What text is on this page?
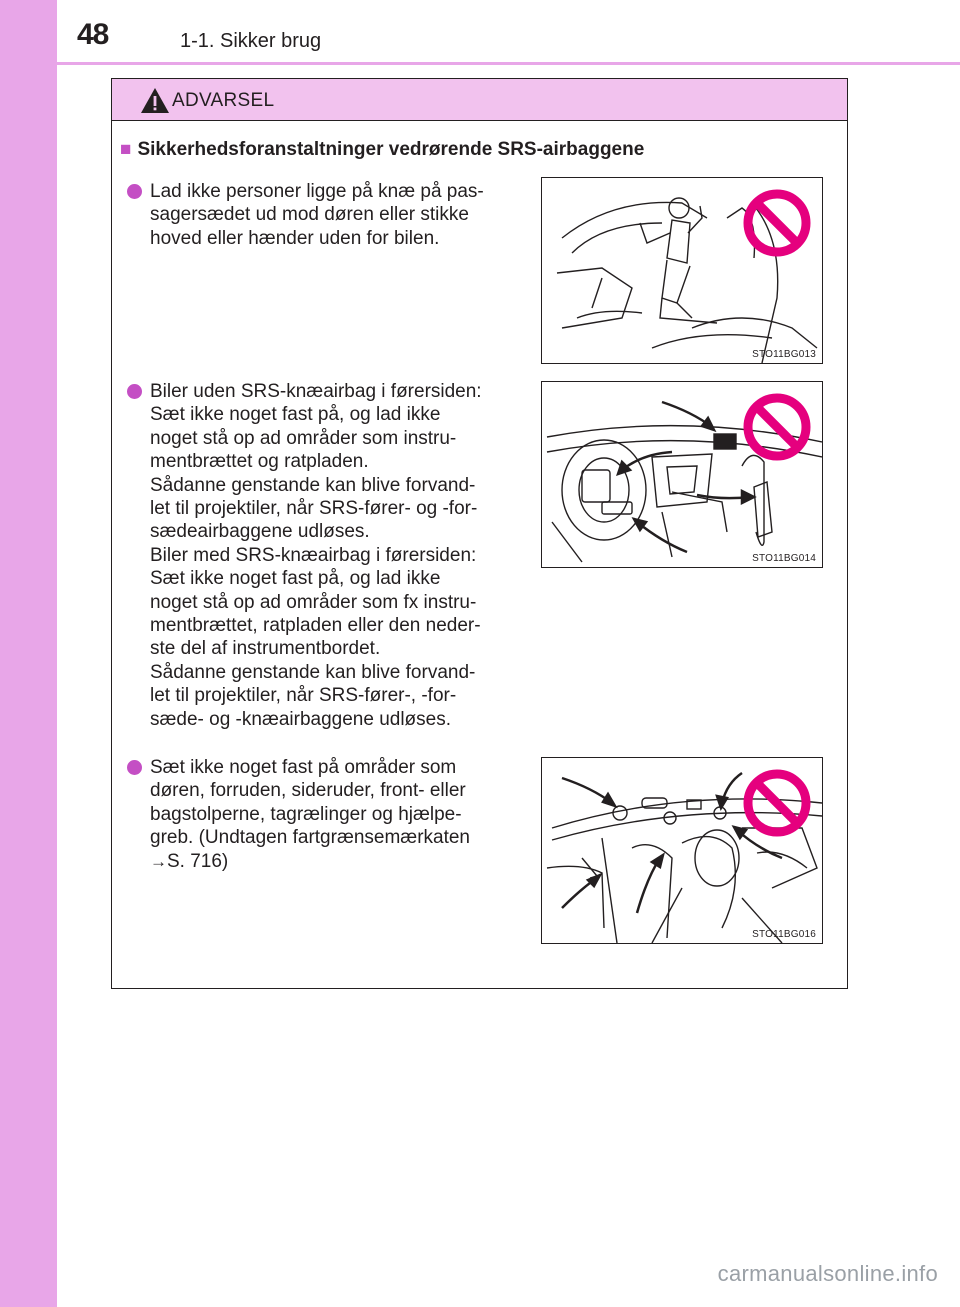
48	1-1. Sikker brug
ADVARSEL
■ Sikkerhedsforanstaltninger vedrørende SRS-airbaggene

Lad ikke personer ligge på knæ på pas-
sagersædet ud mod døren eller stikke
hoved eller hænder uden for bilen.

STO11BG013

Biler uden SRS-knæairbag i førersiden:
Sæt ikke noget fast på, og lad ikke
noget stå op ad områder som instru-
mentbrættet og ratpladen.
Sådanne genstande kan blive forvand-
let til projektiler, når SRS-fører- og -for-
sædeairbaggene udløses.
Biler med SRS-knæairbag i førersiden:
Sæt ikke noget fast på, og lad ikke
noget stå op ad områder som fx instru-
mentbrættet, ratpladen eller den neder-
ste del af instrumentbordet.
Sådanne genstande kan blive forvand-
let til projektiler, når SRS-fører-, -for-
sæde- og -knæairbaggene udløses.

STO11BG014

Sæt ikke noget fast på områder som
døren, forruden, sideruder, front- eller
bagstolperne, tagrælinger og hjælpe-
greb. (Undtagen fartgrænsemærkaten

→S. 716)

STO11BG016
carmanualsonline.info
